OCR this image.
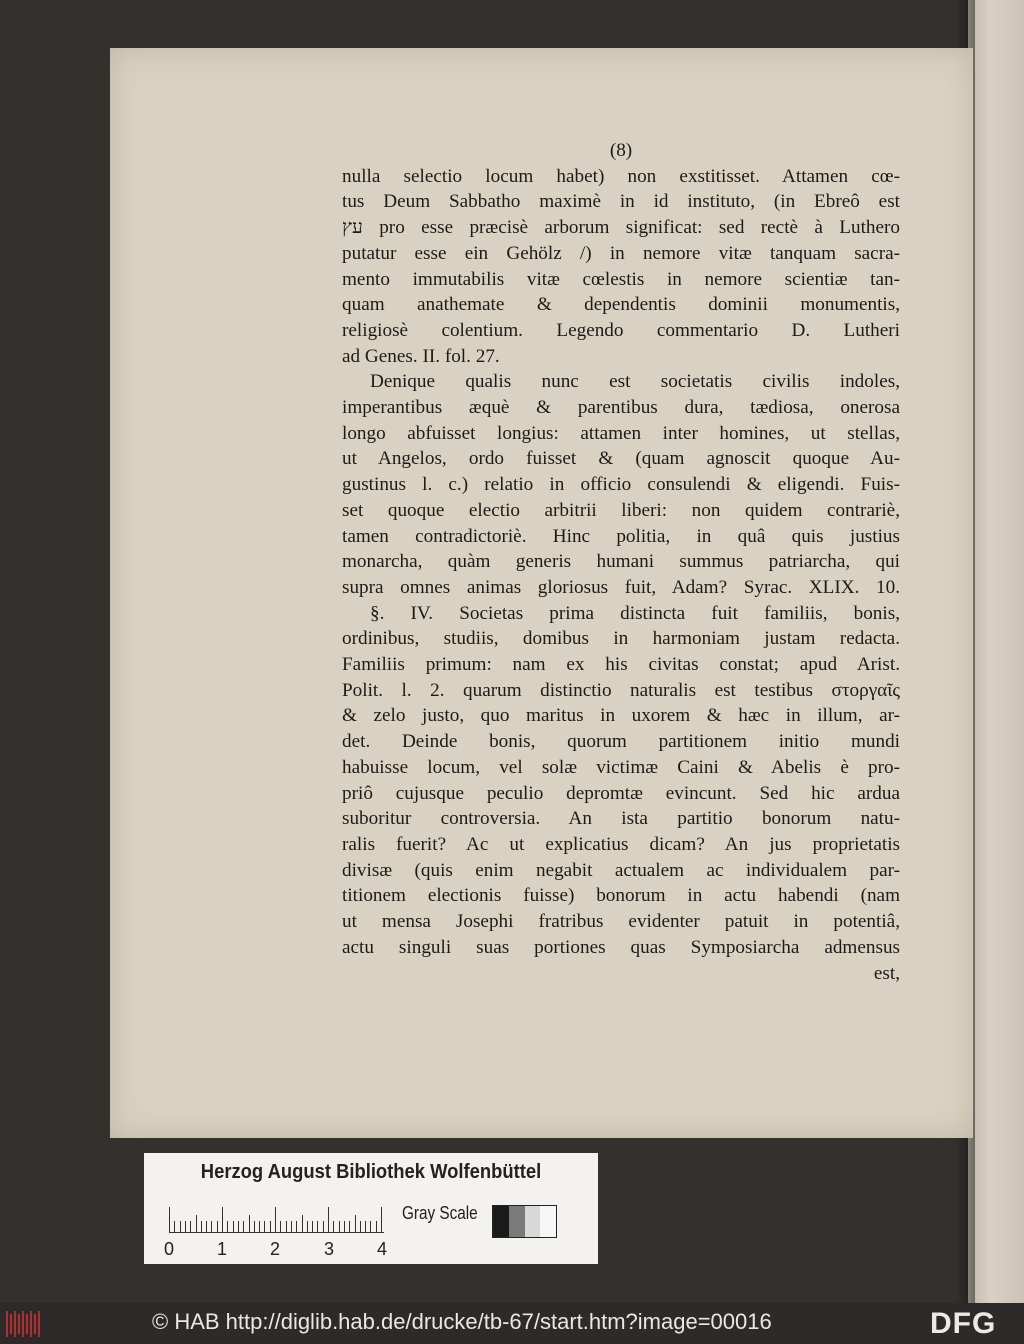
(8)
nulla selectio locum habet) non exstitisset. Attamen cœ-
tus Deum Sabbatho maximè in id instituto, (in Ebreô est
עץ pro esse præcisè arborum significat: sed rectè à Luthero
putatur esse ein Gehölz /) in nemore vitæ tanquam sacra-
mento immutabilis vitæ cœlestis in nemore scientiæ tan-
quam anathemate & dependentis dominii monumentis,
religiosè colentium. Legendo commentario D. Lutheri
ad Genes. II. fol. 27.
Denique qualis nunc est societatis civilis indoles,
imperantibus æquè & parentibus dura, tædiosa, onerosa
longo abfuisset longius: attamen inter homines, ut stellas,
ut Angelos, ordo fuisset & (quam agnoscit quoque Au-
gustinus l. c.) relatio in officio consulendi & eligendi. Fuis-
set quoque electio arbitrii liberi: non quidem contrariè,
tamen contradictoriè. Hinc politia, in quâ quis justius
monarcha, quàm generis humani summus patriarcha, qui
supra omnes animas gloriosus fuit, Adam? Syrac. XLIX. 10.
§. IV. Societas prima distincta fuit familiis, bonis,
ordinibus, studiis, domibus in harmoniam justam redacta.
Familiis primum: nam ex his civitas constat; apud Arist.
Polit. l. 2. quarum distinctio naturalis est testibus στοργαῖς
& zelo justo, quo maritus in uxorem & hæc in illum, ar-
det. Deinde bonis, quorum partitionem initio mundi
habuisse locum, vel solæ victimæ Caini & Abelis è pro-
priô cujusque peculio depromtæ evincunt. Sed hic ardua
suboritur controversia. An ista partitio bonorum natu-
ralis fuerit? Ac ut explicatius dicam? An jus proprietatis
divisæ (quis enim negabit actualem ac individualem par-
titionem electionis fuisse) bonorum in actu habendi (nam
ut mensa Josephi fratribus evidenter patuit in potentiâ,
actu singuli suas portiones quas Symposiarcha admensus
est,
Herzog August Bibliothek Wolfenbüttel
0 1 2 3 4
Gray Scale
© HAB http://diglib.hab.de/drucke/tb-67/start.htm?image=00016	DFG
